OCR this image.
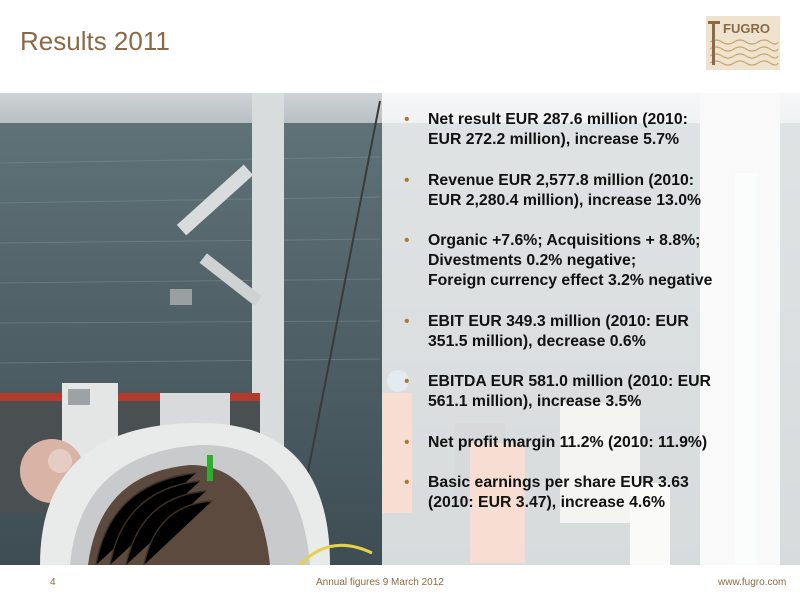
Results 2011	FUGRO
• Net result EUR 287.6 million (2010:
EUR 272.2 million), increase 5.7%
• Revenue EUR 2,577.8 million (2010:
EUR 2,280.4 million), increase 13.0%
• Organic +7.6%; Acquisitions + 8.8%;
Divestments 0.2% negative;
Foreign currency effect 3.2% negative
• EBIT EUR 349.3 million (2010: EUR
351.5 million), decrease 0.6%
• EBITDA EUR 581.0 million (2010: EUR
561.1 million), increase 3.5%
• Net profit margin 11.2% (2010: 11.9%)
• Basic earnings per share EUR 3.63
(2010: EUR 3.47), increase 4.6%
4	Annual figures 9 March 2012	www.fugro.com
